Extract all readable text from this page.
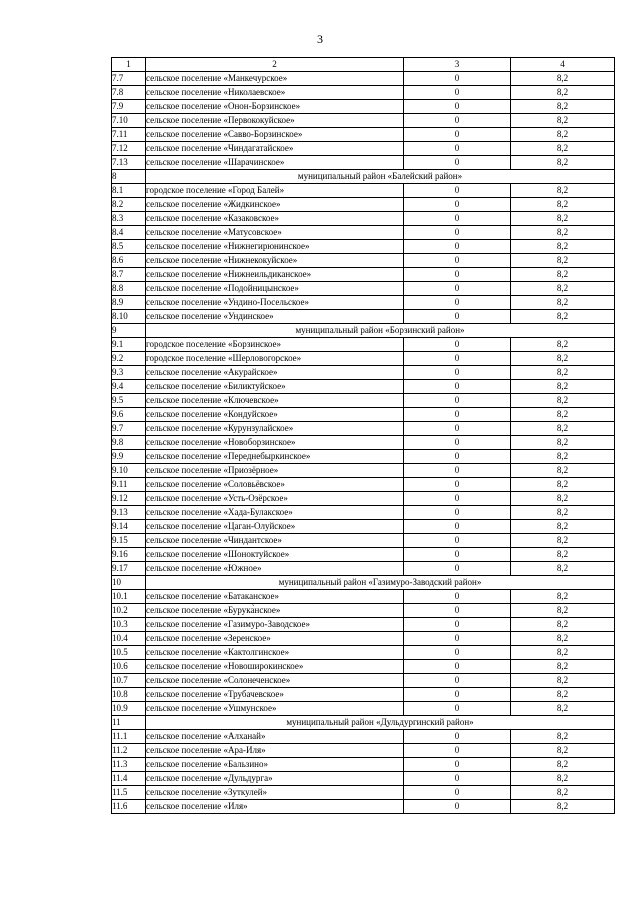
3
1	2	3	4
7.7	сельское поселение «Манкечурское»	0	8,2
7.8	сельское поселение «Николаевское»	0	8,2
7.9	сельское поселение «Онон-Борзинское»	0	8,2
7.10	сельское поселение «Первококуйское»	0	8,2
7.11	сельское поселение «Савво-Борзинское»	0	8,2
7.12	сельское поселение «Чиндагатайское»	0	8,2
7.13	сельское поселение «Шарачинское»	0	8,2
8	муниципальный район «Балейский район»		
8.1	городское поселение «Город Балей»	0	8,2
8.2	сельское поселение «Жидкинское»	0	8,2
8.3	сельское поселение «Казаковское»	0	8,2
8.4	сельское поселение «Матусовское»	0	8,2
8.5	сельское поселение «Нижнегирюнинское»	0	8,2
8.6	сельское поселение «Нижнекокуйское»	0	8,2
8.7	сельское поселение «Нижнеильдиканское»	0	8,2
8.8	сельское поселение «Подойницынское»	0	8,2
8.9	сельское поселение «Ундино-Посельское»	0	8,2
8.10	сельское поселение «Ундинское»	0	8,2
9	муниципальный район «Борзинский район»		
9.1	городское поселение «Борзинское»	0	8,2
9.2	городское поселение «Шерловогорское»	0	8,2
9.3	сельское поселение «Акурайское»	0	8,2
9.4	сельское поселение «Биликтуйское»	0	8,2
9.5	сельское поселение «Ключевское»	0	8,2
9.6	сельское поселение «Кондуйское»	0	8,2
9.7	сельское поселение «Курунзулайское»	0	8,2
9.8	сельское поселение «Новоборзинское»	0	8,2
9.9	сельское поселение «Переднебыркинское»	0	8,2
9.10	сельское поселение «Приозёрное»	0	8,2
9.11	сельское поселение «Соловьёвское»	0	8,2
9.12	сельское поселение «Усть-Озёрское»	0	8,2
9.13	сельское поселение «Хада-Булакское»	0	8,2
9.14	сельское поселение «Цаган-Олуйское»	0	8,2
9.15	сельское поселение «Чиндантское»	0	8,2
9.16	сельское поселение «Шоноктуйское»	0	8,2
9.17	сельское поселение «Южное»	0	8,2
10	муниципальный район «Газимуро-Заводский район»		
10.1	сельское поселение «Батаканское»	0	8,2
10.2	сельское поселение «Бурука̀нское»	0	8,2
10.3	сельское поселение «Газимуро-Заводское»	0	8,2
10.4	сельское поселение «Зеренское»	0	8,2
10.5	сельское поселение «Кактолгинское»	0	8,2
10.6	сельское поселение «Новоширокинское»	0	8,2
10.7	сельское поселение «Солонеченское»	0	8,2
10.8	сельское поселение «Трубачевское»	0	8,2
10.9	сельское поселение «Ушмунское»	0	8,2
11	муниципальный район «Дульдургинский район»		
11.1	сельское поселение «Алханай»	0	8,2
11.2	сельское поселение «Ара-Иля»	0	8,2
11.3	сельское поселение «Бальзино»	0	8,2
11.4	сельское поселение «Дульдурга»	0	8,2
11.5	сельское поселение «Зуткулей»	0	8,2
11.6	сельское поселение «Иля»	0	8,2
